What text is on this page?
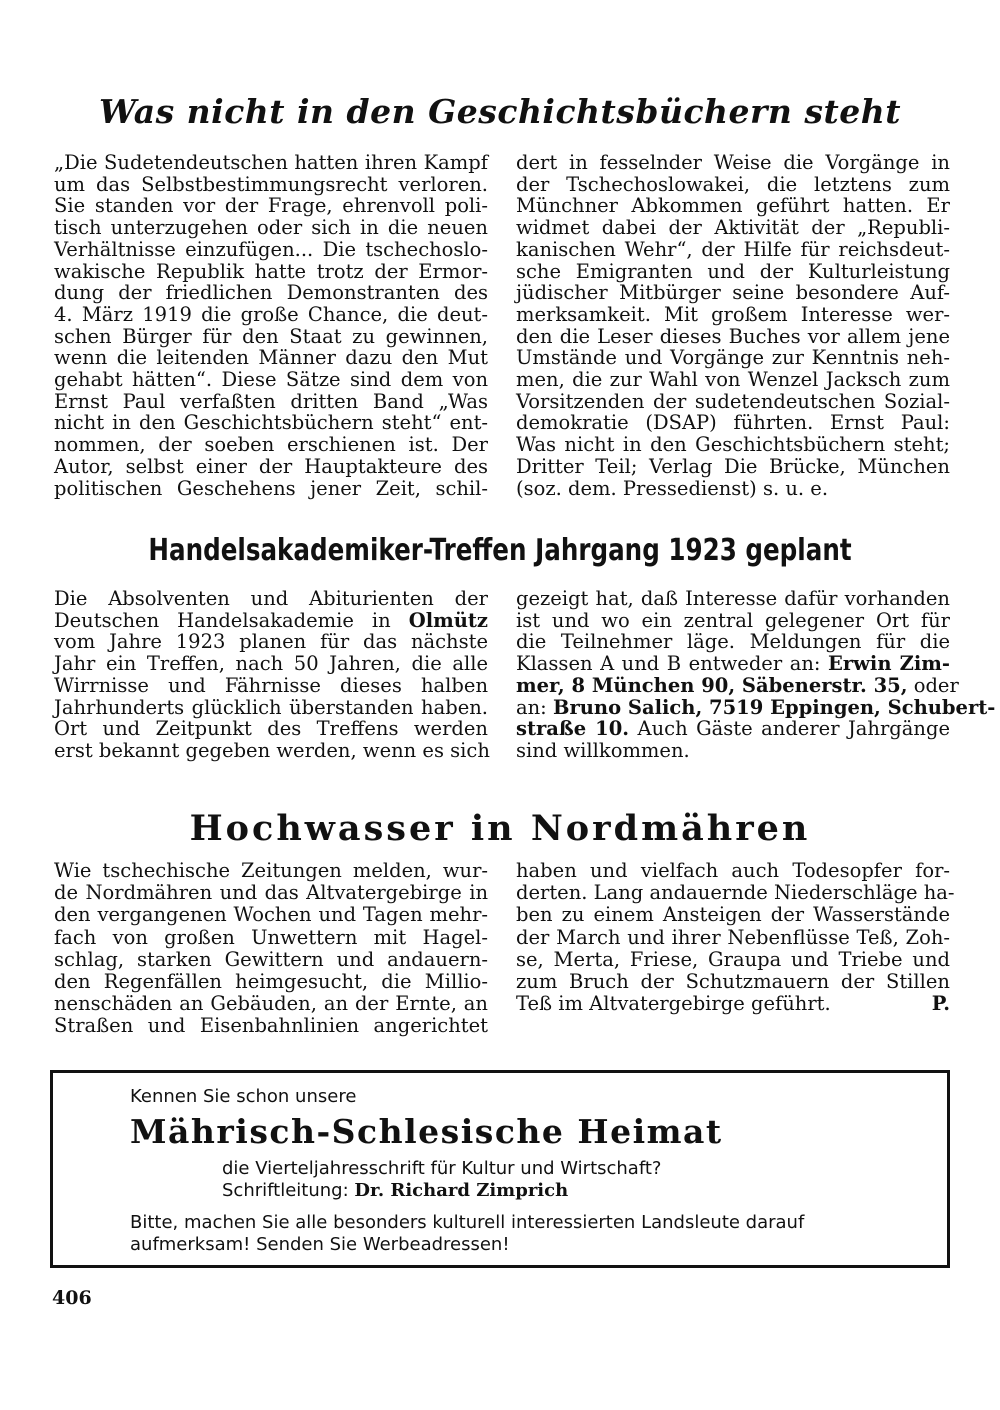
Was nicht in den Geschichtsbüchern steht
„Die Sudetendeutschen hatten ihren Kampf
um das Selbstbestimmungsrecht verloren.
Sie standen vor der Frage, ehrenvoll poli-
tisch unterzugehen oder sich in die neuen
Verhältnisse einzufügen... Die tschechoslo-
wakische Republik hatte trotz der Ermor-
dung der friedlichen Demonstranten des
4. März 1919 die große Chance, die deut-
schen Bürger für den Staat zu gewinnen,
wenn die leitenden Männer dazu den Mut
gehabt hätten“. Diese Sätze sind dem von
Ernst Paul verfaßten dritten Band „Was
nicht in den Geschichtsbüchern steht“ ent-
nommen, der soeben erschienen ist. Der
Autor, selbst einer der Hauptakteure des
politischen Geschehens jener Zeit, schil-
dert in fesselnder Weise die Vorgänge in
der Tschechoslowakei, die letztens zum
Münchner Abkommen geführt hatten. Er
widmet dabei der Aktivität der „Republi-
kanischen Wehr“, der Hilfe für reichsdeut-
sche Emigranten und der Kulturleistung
jüdischer Mitbürger seine besondere Auf-
merksamkeit. Mit großem Interesse wer-
den die Leser dieses Buches vor allem jene
Umstände und Vorgänge zur Kenntnis neh-
men, die zur Wahl von Wenzel Jacksch zum
Vorsitzenden der sudetendeutschen Sozial-
demokratie (DSAP) führten. Ernst Paul:
Was nicht in den Geschichtsbüchern steht;
Dritter Teil; Verlag Die Brücke, München
(soz. dem. Pressedienst) s. u. e.
Handelsakademiker-Treffen Jahrgang 1923 geplant
Die Absolventen und Abiturienten der
Deutschen Handelsakademie in Olmütz
vom Jahre 1923 planen für das nächste
Jahr ein Treffen, nach 50 Jahren, die alle
Wirrnisse und Fährnisse dieses halben
Jahrhunderts glücklich überstanden haben.
Ort und Zeitpunkt des Treffens werden
erst bekannt gegeben werden, wenn es sich
gezeigt hat, daß Interesse dafür vorhanden
ist und wo ein zentral gelegener Ort für
die Teilnehmer läge. Meldungen für die
Klassen A und B entweder an: Erwin Zim-
mer, 8 München 90, Säbenerstr. 35, oder
an: Bruno Salich, 7519 Eppingen, Schubert-
straße 10. Auch Gäste anderer Jahrgänge
sind willkommen.
Hochwasser in Nordmähren
Wie tschechische Zeitungen melden, wur-
de Nordmähren und das Altvatergebirge in
den vergangenen Wochen und Tagen mehr-
fach von großen Unwettern mit Hagel-
schlag, starken Gewittern und andauern-
den Regenfällen heimgesucht, die Millio-
nenschäden an Gebäuden, an der Ernte, an
Straßen und Eisenbahnlinien angerichtet
haben und vielfach auch Todesopfer for-
derten. Lang andauernde Niederschläge ha-
ben zu einem Ansteigen der Wasserstände
der March und ihrer Nebenflüsse Teß, Zoh-
se, Merta, Friese, Graupa und Triebe und
zum Bruch der Schutzmauern der Stillen
Teß im Altvatergebirge geführt.	P.
Kennen Sie schon unsere
Mährisch-Schlesische Heimat
die Vierteljahresschrift für Kultur und Wirtschaft?
Schriftleitung: Dr. Richard Zimprich
Bitte, machen Sie alle besonders kulturell interessierten Landsleute darauf
aufmerksam! Senden Sie Werbeadressen!
406
